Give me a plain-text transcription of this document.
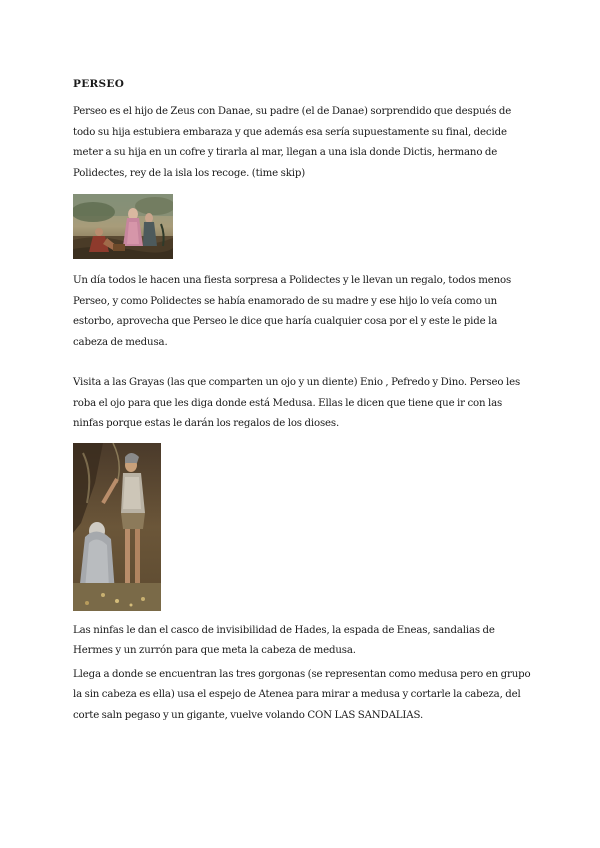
PERSEO

Perseo es el hijo de Zeus con Danae, su padre (el de Danae) sorprendido que después de todo su hija estubiera embaraza y que además esa sería supuestamente su final, decide meter a su hija en un cofre y tirarla al mar, llegan a una isla donde Dictis, hermano de Polidectes, rey de la isla los recoge. (time skip)

Un día todos le hacen una fiesta sorpresa a Polidectes y le llevan un regalo, todos menos Perseo, y como Polidectes se había enamorado de su madre y ese hijo lo veía como un estorbo, aprovecha que Perseo le dice que haría cualquier cosa por el y este le pide la cabeza de medusa.

Visita a las Grayas (las que comparten un ojo y un diente) Enio , Pefredo y Dino. Perseo les roba el ojo para que les diga donde está Medusa. Ellas le dicen que tiene que ir con las ninfas porque estas le darán los regalos de los dioses.

Las ninfas le dan el casco de invisibilidad de Hades, la espada de Eneas, sandalias de Hermes y un zurrón para que meta la cabeza de medusa.

Llega a donde se encuentran las tres gorgonas (se representan como medusa pero en grupo la sin cabeza es ella) usa el espejo de Atenea para mirar a medusa y cortarle la cabeza, del corte saln pegaso y un gigante, vuelve volando CON LAS SANDALIAS.
